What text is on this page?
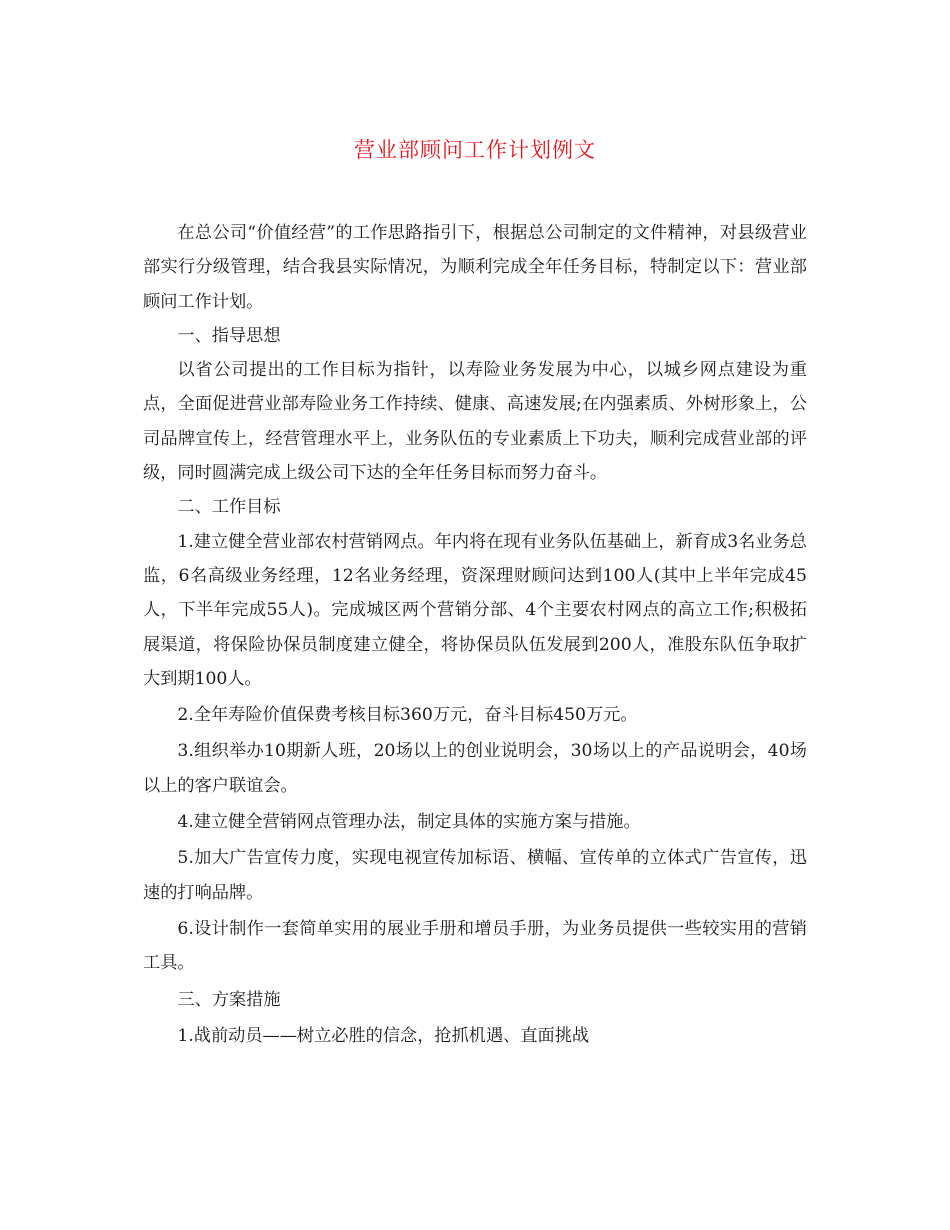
营业部顾问工作计划例文

在总公司“价值经营”的工作思路指引下，根据总公司制定的文件精神，对县级营业部实行分级管理，结合我县实际情况，为顺利完成全年任务目标，特制定以下：营业部顾问工作计划。

一、指导思想

以省公司提出的工作目标为指针，以寿险业务发展为中心，以城乡网点建设为重点，全面促进营业部寿险业务工作持续、健康、高速发展;在内强素质、外树形象上，公司品牌宣传上，经营管理水平上，业务队伍的专业素质上下功夫，顺利完成营业部的评级，同时圆满完成上级公司下达的全年任务目标而努力奋斗。

二、工作目标

1.建立健全营业部农村营销网点。年内将在现有业务队伍基础上，新育成3名业务总监，6名高级业务经理，12名业务经理，资深理财顾问达到100人(其中上半年完成45人，下半年完成55人)。完成城区两个营销分部、4个主要农村网点的高立工作;积极拓展渠道，将保险协保员制度建立健全，将协保员队伍发展到200人，准股东队伍争取扩大到期100人。

2.全年寿险价值保费考核目标360万元，奋斗目标450万元。

3.组织举办10期新人班，20场以上的创业说明会，30场以上的产品说明会，40场以上的客户联谊会。

4.建立健全营销网点管理办法，制定具体的实施方案与措施。

5.加大广告宣传力度，实现电视宣传加标语、横幅、宣传单的立体式广告宣传，迅速的打响品牌。

6.设计制作一套简单实用的展业手册和增员手册，为业务员提供一些较实用的营销工具。

三、方案措施

1.战前动员——树立必胜的信念，抢抓机遇、直面挑战
